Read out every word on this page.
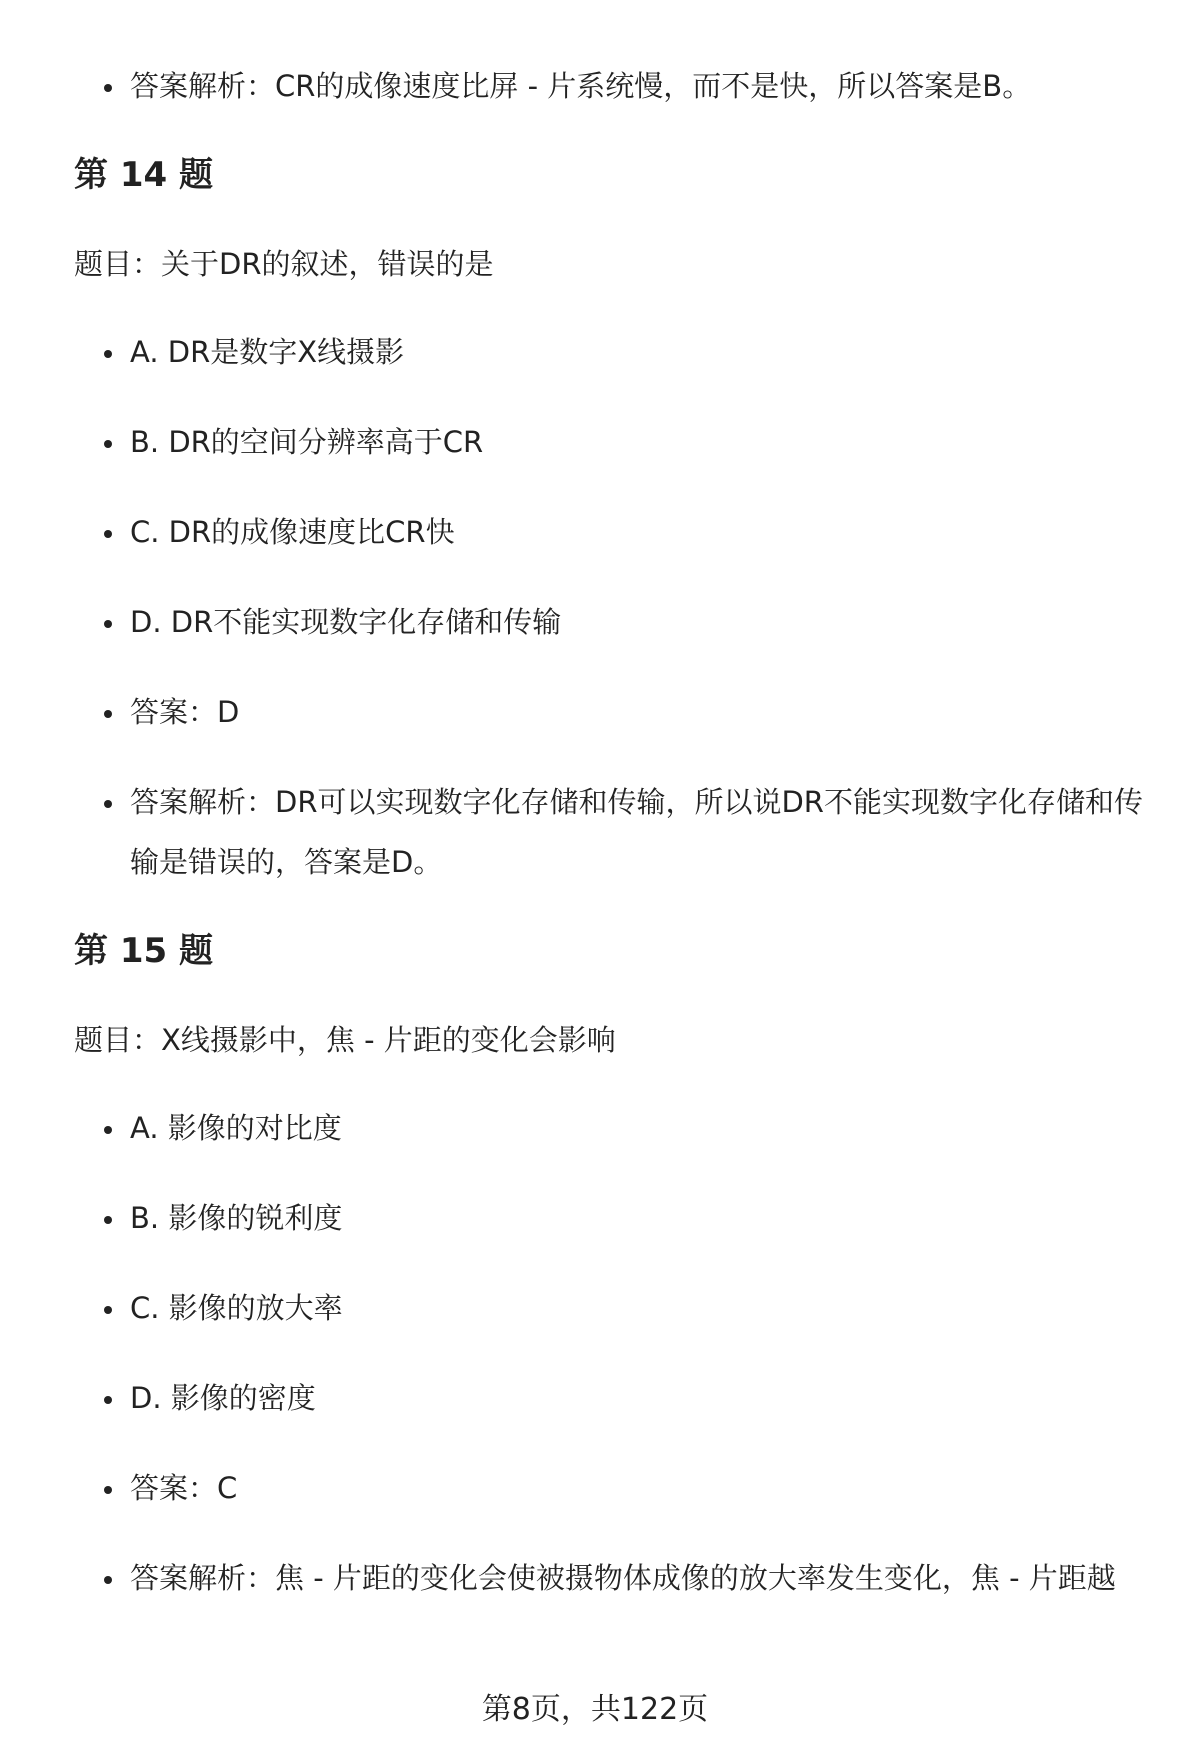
答案解析：CR的成像速度比屏 - 片系统慢，而不是快，所以答案是B。
第 14 题

题目：关于DR的叙述，错误的是

A. DR是数字X线摄影
B. DR的空间分辨率高于CR
C. DR的成像速度比CR快
D. DR不能实现数字化存储和传输
答案：D
答案解析：DR可以实现数字化存储和传输，所以说DR不能实现数字化存储和传输是错误的，答案是D。
第 15 题

题目：X线摄影中，焦 - 片距的变化会影响

A. 影像的对比度
B. 影像的锐利度
C. 影像的放大率
D. 影像的密度
答案：C
答案解析：焦 - 片距的变化会使被摄物体成像的放大率发生变化，焦 - 片距越
第8页，共122页
